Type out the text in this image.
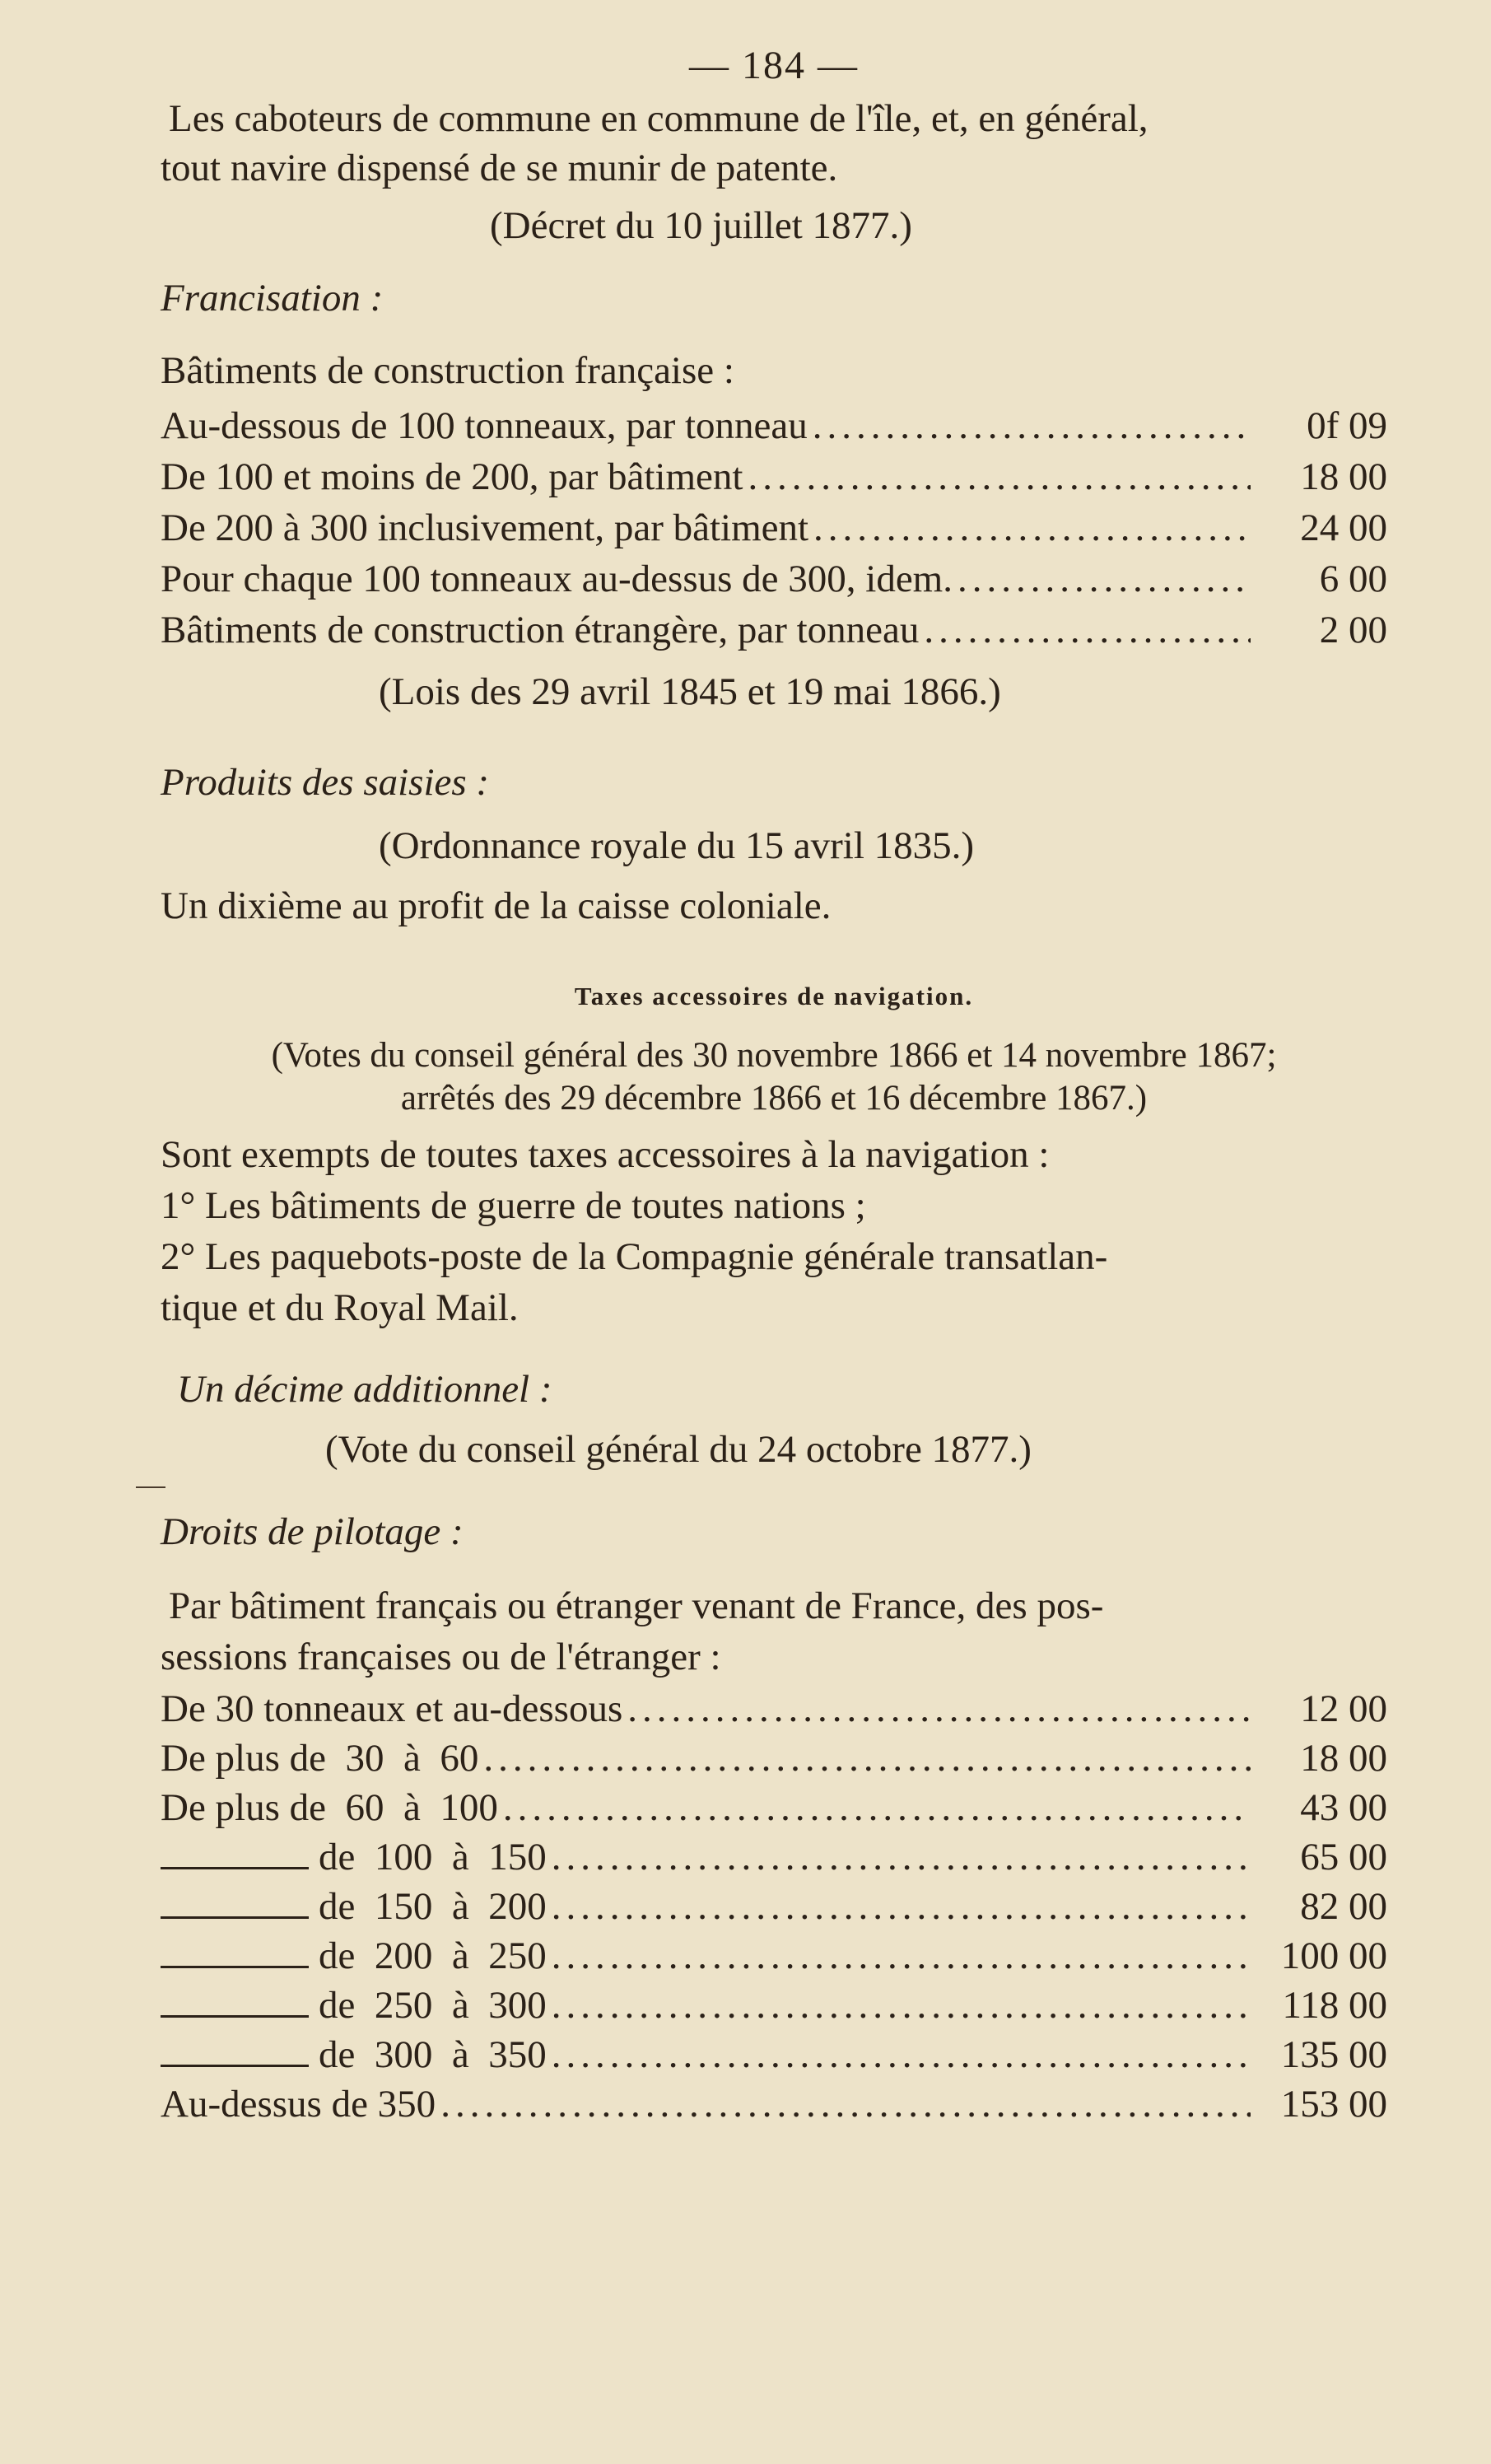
— 184 —
Les caboteurs de commune en commune de l'île, et, en général,
tout navire dispensé de se munir de patente.
(Décret du 10 juillet 1877.)
Francisation :
Bâtiments de construction française :
Au-dessous de 100 tonneaux, par tonneau .....	0f 09
De 100 et moins de 200, par bâtiment .....	18 00
De 200 à 300 inclusivement, par bâtiment .....	24 00
Pour chaque 100 tonneaux au-dessus de 300, idem. .....	6 00
Bâtiments de construction étrangère, par tonneau .....	2 00
(Lois des 29 avril 1845 et 19 mai 1866.)
Produits des saisies :
(Ordonnance royale du 15 avril 1835.)
Un dixième au profit de la caisse coloniale.
Taxes accessoires de navigation.
(Votes du conseil général des 30 novembre 1866 et 14 novembre 1867;
arrêtés des 29 décembre 1866 et 16 décembre 1867.)
Sont exempts de toutes taxes accessoires à la navigation :
1° Les bâtiments de guerre de toutes nations ;
2° Les paquebots-poste de la Compagnie générale transatlan-
tique et du Royal Mail.
Un décime additionnel :
(Vote du conseil général du 24 octobre 1877.)
Droits de pilotage :
Par bâtiment français ou étranger venant de France, des pos-
sessions françaises ou de l'étranger :
De 30 tonneaux et au-dessous .....	12 00
De plus de  30  à  60 .....	18 00
De plus de  60  à  100 .....	43 00
de  100  à  150 .....	65 00
de  150  à  200 .....	82 00
de  200  à  250 .....	100 00
de  250  à  300 .....	118 00
de  300  à  350 .....	135 00
Au-dessus de 350 .....	153 00
